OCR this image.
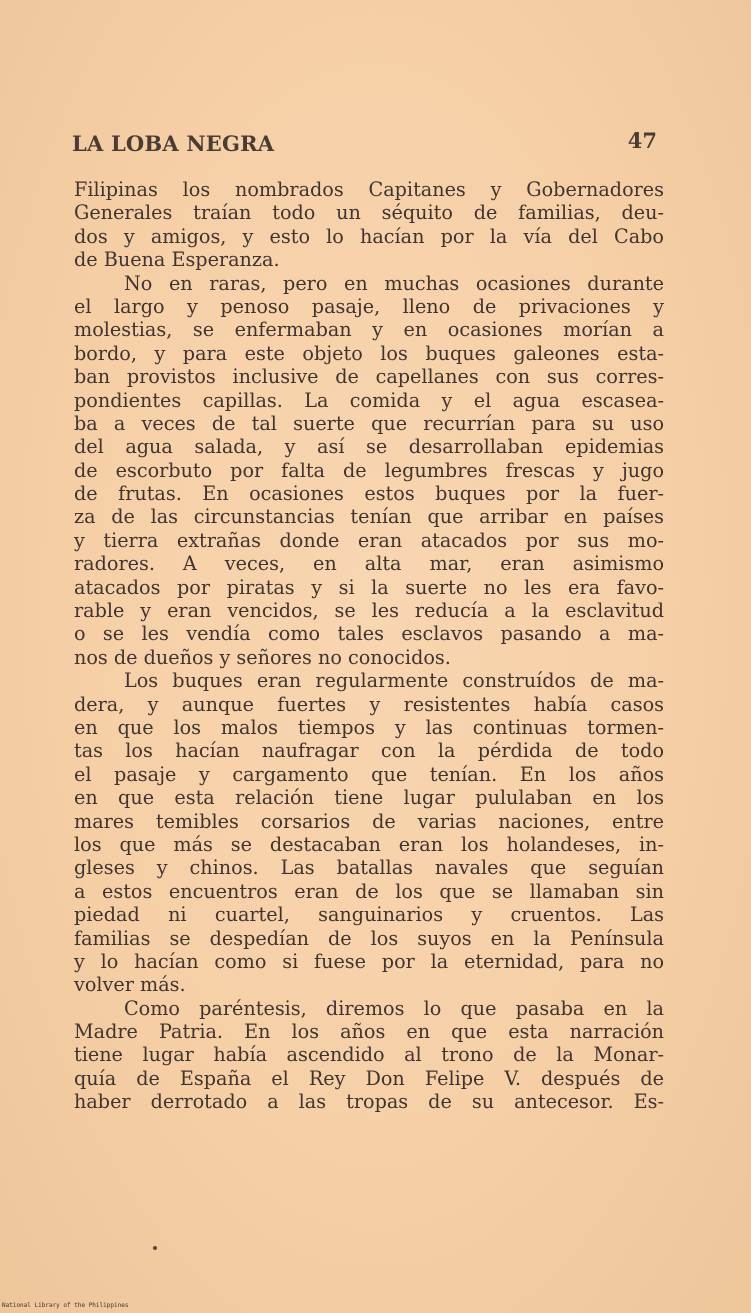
LA LOBA NEGRA	47
Filipinas los nombrados Capitanes y Gobernadores
Generales traían todo un séquito de familias, deu-
dos y amigos, y esto lo hacían por la vía del Cabo
de Buena Esperanza.
No en raras, pero en muchas ocasiones durante
el largo y penoso pasaje, lleno de privaciones y
molestias, se enfermaban y en ocasiones morían a
bordo, y para este objeto los buques galeones esta-
ban provistos inclusive de capellanes con sus corres-
pondientes capillas. La comida y el agua escasea-
ba a veces de tal suerte que recurrían para su uso
del agua salada, y así se desarrollaban epidemias
de escorbuto por falta de legumbres frescas y jugo
de frutas. En ocasiones estos buques por la fuer-
za de las circunstancias tenían que arribar en países
y tierra extrañas donde eran atacados por sus mo-
radores. A veces, en alta mar, eran asimismo
atacados por piratas y si la suerte no les era favo-
rable y eran vencidos, se les reducía a la esclavitud
o se les vendía como tales esclavos pasando a ma-
nos de dueños y señores no conocidos.
Los buques eran regularmente construídos de ma-
dera, y aunque fuertes y resistentes había casos
en que los malos tiempos y las continuas tormen-
tas los hacían naufragar con la pérdida de todo
el pasaje y cargamento que tenían. En los años
en que esta relación tiene lugar pululaban en los
mares temibles corsarios de varias naciones, entre
los que más se destacaban eran los holandeses, in-
gleses y chinos. Las batallas navales que seguían
a estos encuentros eran de los que se llamaban sin
piedad ni cuartel, sanguinarios y cruentos. Las
familias se despedían de los suyos en la Península
y lo hacían como si fuese por la eternidad, para no
volver más.
Como paréntesis, diremos lo que pasaba en la
Madre Patria. En los años en que esta narración
tiene lugar había ascendido al trono de la Monar-
quía de España el Rey Don Felipe V. después de
haber derrotado a las tropas de su antecesor. Es-
National Library of the Philippines
